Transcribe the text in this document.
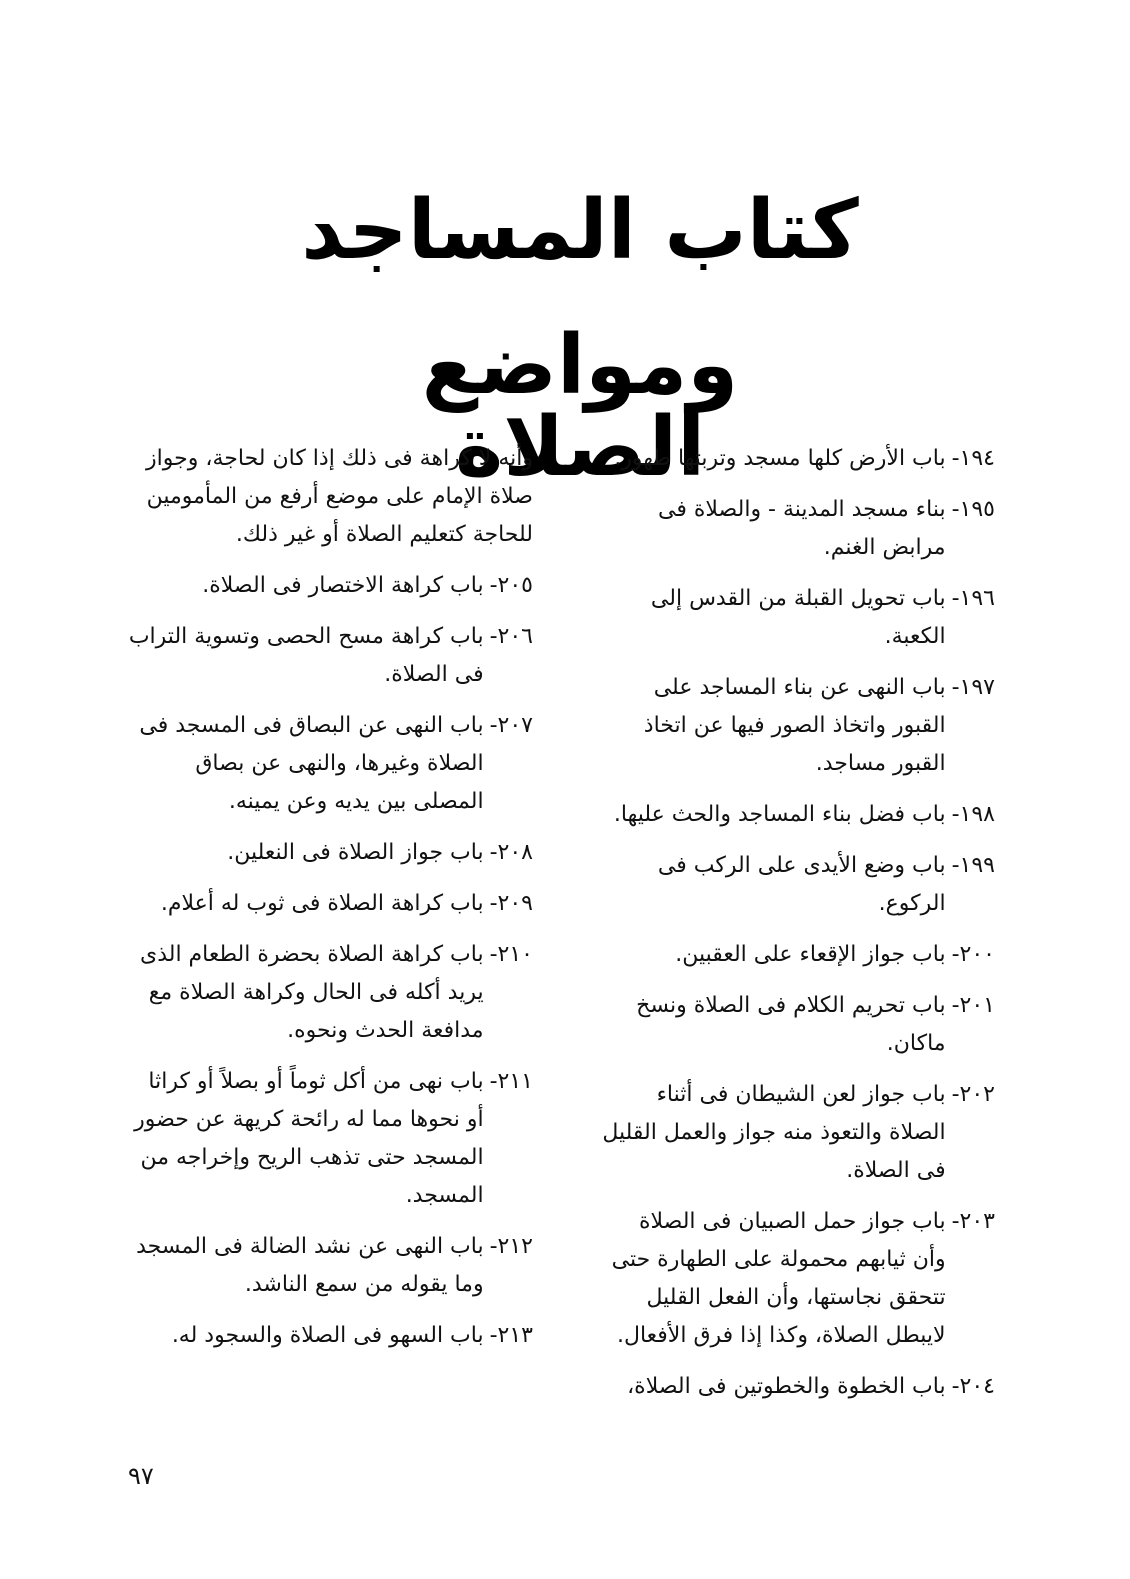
كتاب المساجد
ومواضع الصلاة	١٩٤-
باب الأرض كلها مسجد وتربتها طهور.
١٩٥-
بناء مسجد المدينة - والصلاة فى مرابض الغنم.
١٩٦-
باب تحويل القبلة من القدس إلى الكعبة.
١٩٧-
باب النهى عن بناء المساجد على القبور واتخاذ الصور فيها عن اتخاذ القبور مساجد.
١٩٨-
باب فضل بناء المساجد والحث عليها.
١٩٩-
باب وضع الأيدى على الركب فى الركوع.
٢٠٠-
باب جواز الإقعاء على العقبين.
٢٠١-
باب تحريم الكلام فى الصلاة ونسخ ماكان.
٢٠٢-
باب جواز لعن الشيطان فى أثناء الصلاة والتعوذ منه جواز والعمل القليل فى الصلاة.
٢٠٣-
باب جواز حمل الصبيان فى الصلاة وأن ثيابهم محمولة على الطهارة حتى تتحقق نجاستها، وأن الفعل القليل لايبطل الصلاة، وكذا إذا فرق الأفعال.
٢٠٤-
باب الخطوة والخطوتين فى الصلاة،
وأنه لا كراهة فى ذلك إذا كان لحاجة، وجواز صلاة الإمام على موضع أرفع من المأمومين للحاجة كتعليم الصلاة أو غير ذلك.
٢٠٥-
باب كراهة الاختصار فى الصلاة.
٢٠٦-
باب كراهة مسح الحصى وتسوية التراب فى الصلاة.
٢٠٧-
باب النهى عن البصاق فى المسجد فى الصلاة وغيرها، والنهى عن بصاق المصلى بين يديه وعن يمينه.
٢٠٨-
باب جواز الصلاة فى النعلين.
٢٠٩-
باب كراهة الصلاة فى ثوب له أعلام.
٢١٠-
باب كراهة الصلاة بحضرة الطعام الذى يريد أكله فى الحال وكراهة الصلاة مع مدافعة الحدث ونحوه.
٢١١-
باب نهى من أكل ثوماً أو بصلاً أو كراثا أو نحوها مما له رائحة كريهة عن حضور المسجد حتى تذهب الريح وإخراجه من المسجد.
٢١٢-
باب النهى عن نشد الضالة فى المسجد وما يقوله من سمع الناشد.
٢١٣-
باب السهو فى الصلاة والسجود له.
٩٧
